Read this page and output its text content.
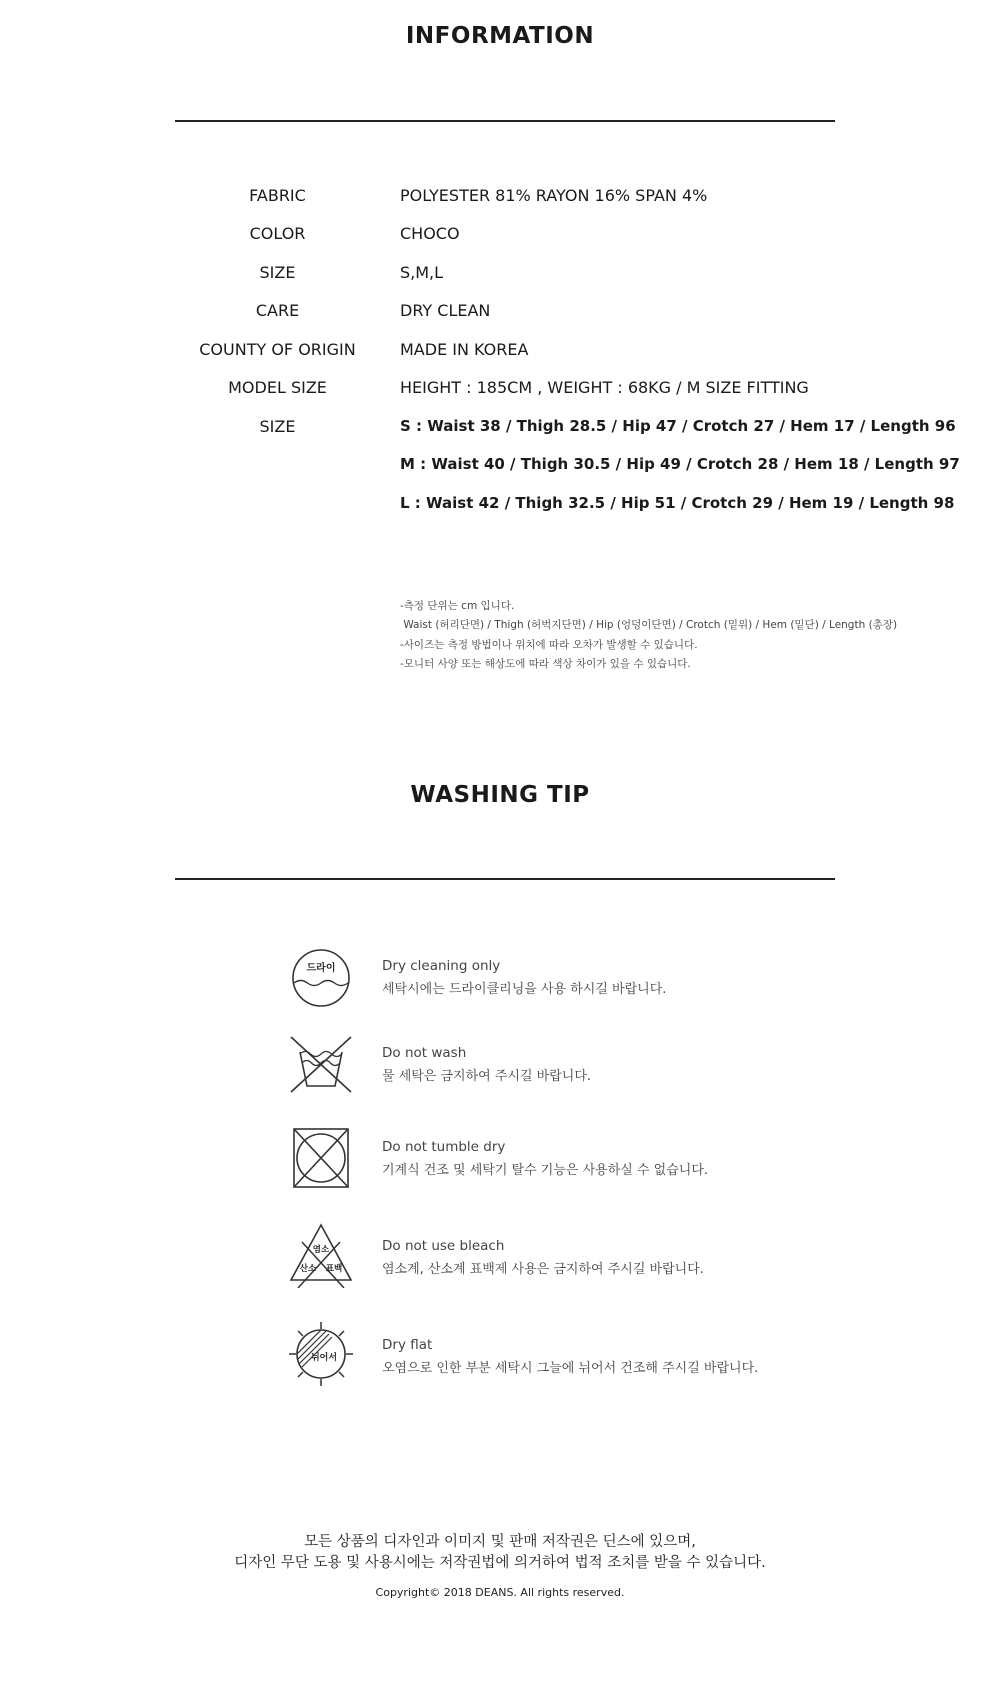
INFORMATION
FABRIC	POLYESTER 81% RAYON 16% SPAN 4%
COLOR	CHOCO
SIZE	S,M,L
CARE	DRY CLEAN
COUNTY OF ORIGIN	MADE IN KOREA
MODEL SIZE	HEIGHT : 185CM , WEIGHT : 68KG / M SIZE FITTING
SIZE	S : Waist 38 / Thigh 28.5 / Hip 47 / Crotch 27 / Hem 17 / Length 96
M : Waist 40 / Thigh 30.5 / Hip 49 / Crotch 28 / Hem 18 / Length 97
L : Waist 42 / Thigh 32.5 / Hip 51 / Crotch 29 / Hem 19 / Length 98
-측정 단위는 cm 입니다.
Waist (허리단면) / Thigh (허벅지단면) / Hip (엉덩이단면) / Crotch (밑위) / Hem (밑단) / Length (총장)
-사이즈는 측정 방법이나 위치에 따라 오차가 발생할 수 있습니다.
-모니터 사양 또는 해상도에 따라 색상 차이가 있을 수 있습니다.
WASHING TIP
드라이	Dry cleaning only
세탁시에는 드라이클리닝을 사용 하시길 바랍니다.
Do not wash
물 세탁은 금지하여 주시길 바랍니다.
Do not tumble dry
기계식 건조 및 세탁기 탈수 기능은 사용하실 수 없습니다.
염소
산소 표백
Do not use bleach
염소계, 산소계 표백제 사용은 금지하여 주시길 바랍니다.
뉘어서
Dry flat
오염으로 인한 부분 세탁시 그늘에 뉘어서 건조해 주시길 바랍니다.
모든 상품의 디자인과 이미지 및 판매 저작권은 딘스에 있으며,
디자인 무단 도용 및 사용시에는 저작권법에 의거하여 법적 조치를 받을 수 있습니다.
Copyright© 2018 DEANS. All rights reserved.
